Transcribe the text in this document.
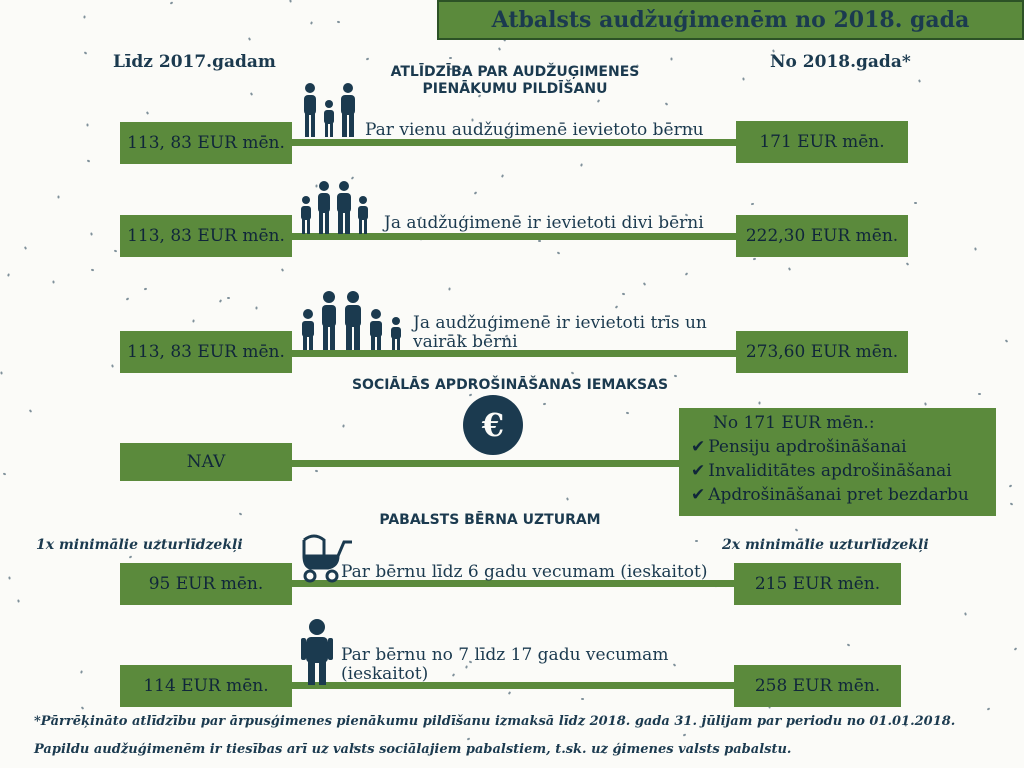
Atbalsts audžuģimenēm no 2018. gada
Līdz 2017.gadam	No 2018.gada*
ATLĪDZĪBA PAR AUDŽUĢIMENES
PIENĀKUMU PILDĪŠANU
113, 83 EUR mēn.	171 EUR mēn.
Par vienu audžuģimenē ievietoto bērnu
113, 83 EUR mēn.	222,30 EUR mēn.
Ja audžuģimenē ir ievietoti divi bērni
113, 83 EUR mēn.	273,60 EUR mēn.
Ja audžuģimenē ir ievietoti trīs un vairāk bērni
SOCIĀLĀS APDROŠINĀŠANAS IEMAKSAS
€
NAV
No 171 EUR mēn.:
✔ Pensiju apdrošināšanai
✔ Invaliditātes apdrošināšanai
✔ Apdrošināšanai pret bezdarbu
PABALSTS BĒRNA UZTURAM
1x minimālie uzturlīdzekļi	2x minimālie uzturlīdzekļi
95 EUR mēn.	215 EUR mēn.
Par bērnu līdz 6 gadu vecumam (ieskaitot)
114 EUR mēn.	258 EUR mēn.
Par bērnu no 7 līdz 17 gadu vecumam (ieskaitot)
*Pārrēķināto atlīdzību par ārpusģimenes pienākumu pildīšanu izmaksā līdz 2018. gada 31. jūlijam par periodu no 01.01.2018.
Papildu audžuģimenēm ir tiesības arī uz valsts sociālajiem pabalstiem, t.sk. uz ģimenes valsts pabalstu.
